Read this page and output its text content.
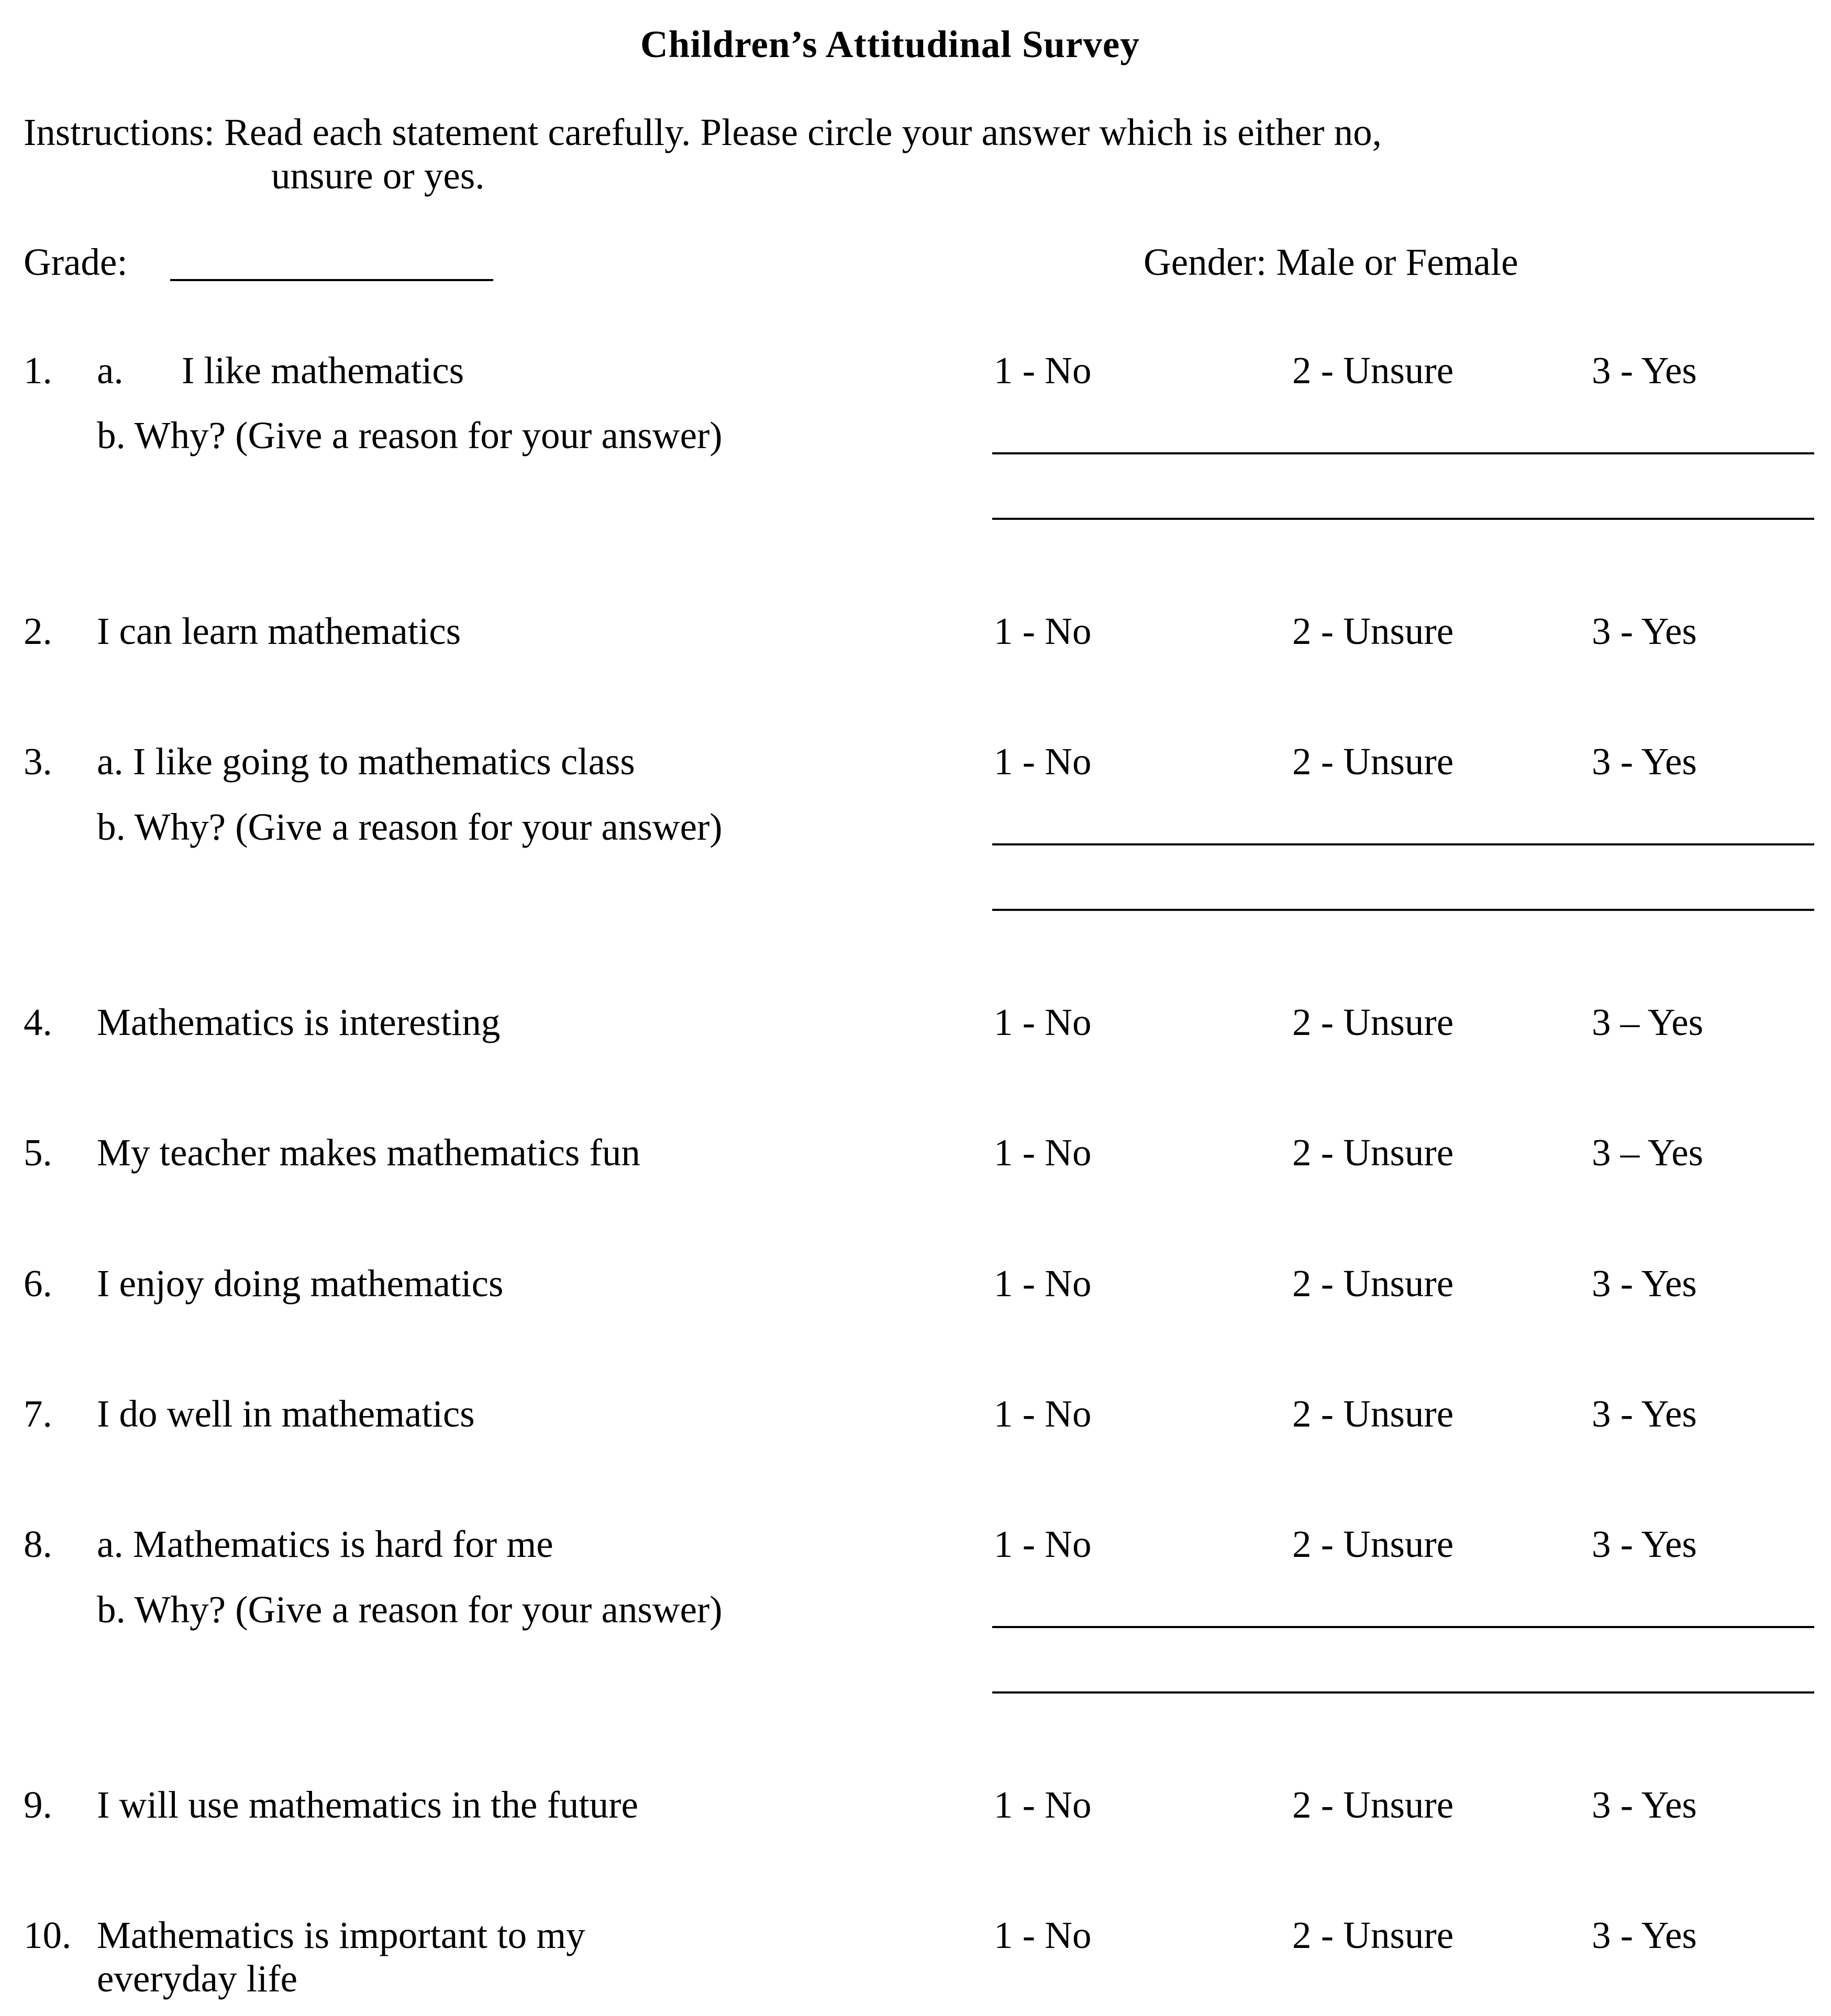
Children’s Attitudinal Survey
Instructions: Read each statement carefully. Please circle your answer which is either no,
unsure or yes.
Grade:	Gender: Male or Female
1. a. I like mathematics	1 - No	2 - Unsure	3 - Yes
b. Why? (Give a reason for your answer)
2. I can learn mathematics	1 - No	2 - Unsure	3 - Yes
3. a. I like going to mathematics class	1 - No	2 - Unsure	3 - Yes
b. Why? (Give a reason for your answer)
4. Mathematics is interesting	1 - No	2 - Unsure	3 – Yes
5. My teacher makes mathematics fun	1 - No	2 - Unsure	3 – Yes
6. I enjoy doing mathematics	1 - No	2 - Unsure	3 - Yes
7. I do well in mathematics	1 - No	2 - Unsure	3 - Yes
8. a. Mathematics is hard for me	1 - No	2 - Unsure	3 - Yes
b. Why? (Give a reason for your answer)
9. I will use mathematics in the future	1 - No	2 - Unsure	3 - Yes
10. Mathematics is important to my
everyday life
1 - No	2 - Unsure	3 - Yes
